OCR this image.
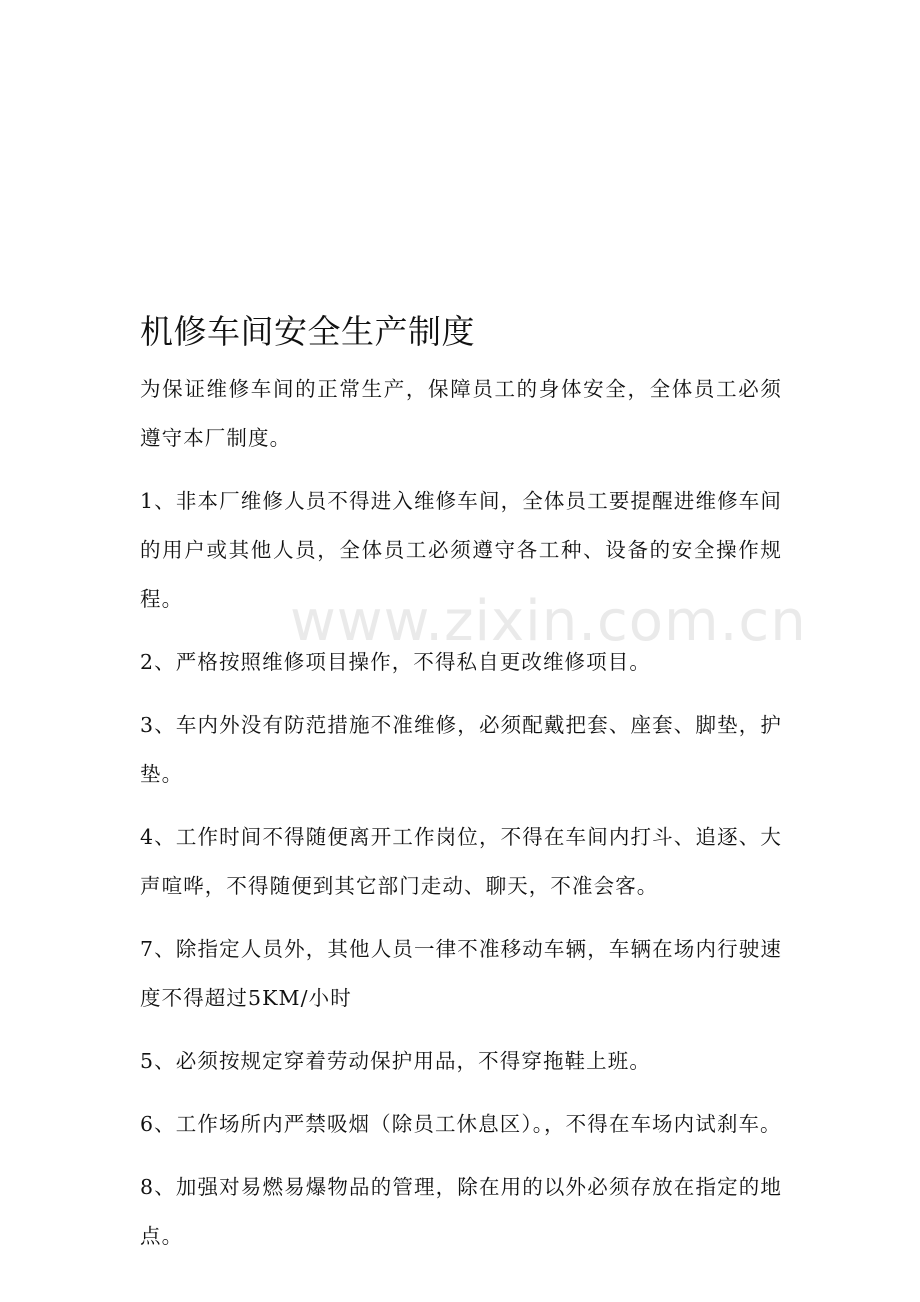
机修车间安全生产制度

为保证维修车间的正常生产，保障员工的身体安全，全体员工必须遵守本厂制度。

1、非本厂维修人员不得进入维修车间，全体员工要提醒进维修车间的用户或其他人员，全体员工必须遵守各工种、设备的安全操作规程。

2、严格按照维修项目操作，不得私自更改维修项目。

3、车内外没有防范措施不准维修，必须配戴把套、座套、脚垫，护垫。

4、工作时间不得随便离开工作岗位，不得在车间内打斗、追逐、大声喧哗，不得随便到其它部门走动、聊天，不准会客。

7、除指定人员外，其他人员一律不准移动车辆，车辆在场内行驶速度不得超过5KM/小时

5、必须按规定穿着劳动保护用品，不得穿拖鞋上班。

6、工作场所内严禁吸烟（除员工休息区）。，不得在车场内试刹车。

8、加强对易燃易爆物品的管理，除在用的以外必须存放在指定的地点。

www.zixin.com.cn
